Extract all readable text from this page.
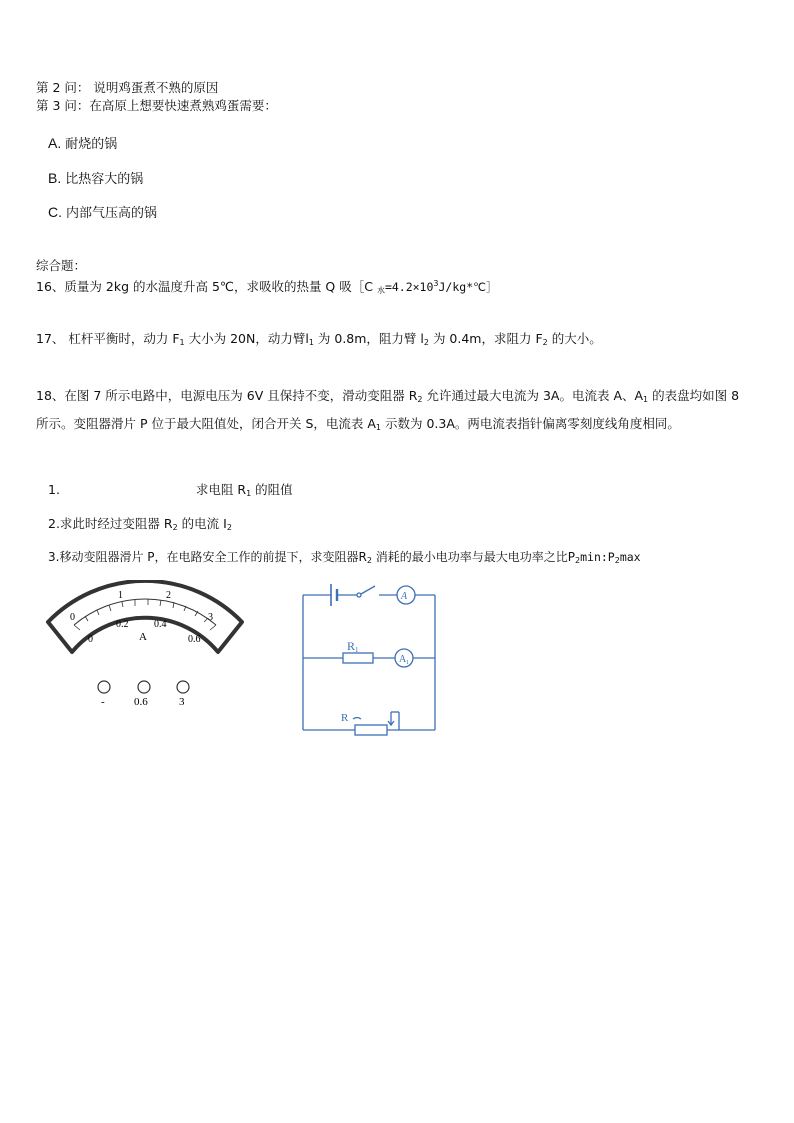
第 2 问： 说明鸡蛋煮不熟的原因
第 3 问：在高原上想要快速煮熟鸡蛋需要：
A. 耐烧的锅
B. 比热容大的锅
C. 内部气压高的锅
综合题：
16、质量为 2kg 的水温度升高 5℃，求吸收的热量 Q 吸［C $_水=4.2\times 10^3J/kg*℃]$
17、 杠杆平衡时，动力 $F_1$ 大小为 20N，动力臂$l_1$ 为 0.8m，阻力臂 $l_2$ 为 0.4m，求阻力 $F_2$ 的大小。
18、在图 7 所示电路中，电源电压为 6V 且保持不变，滑动变阻器 $R_2$ 允许通过最大电流为 3A。电流表 A、$A_1$ 的表盘均如图 8 所示。变阻器滑片 P 位于最大阻值处，闭合开关 S，电流表 $A_1$ 示数为 0.3A。两电流表指针偏离零刻度线角度相同。
1.	求电阻 $R_1$ 的阻值
2.求此时经过变阻器 $R_2$ 的电流 $I_2$
3.移动变阻器滑片 P，在电路安全工作的前提下，求变阻器$R_2$ 消耗的最小电功率与最大电功率之比$P_2\min:P_2\max$
0
1	2
3
0
0.2	0.4
0.6
A
-	0.6	3
A
A 1
R 1
R
